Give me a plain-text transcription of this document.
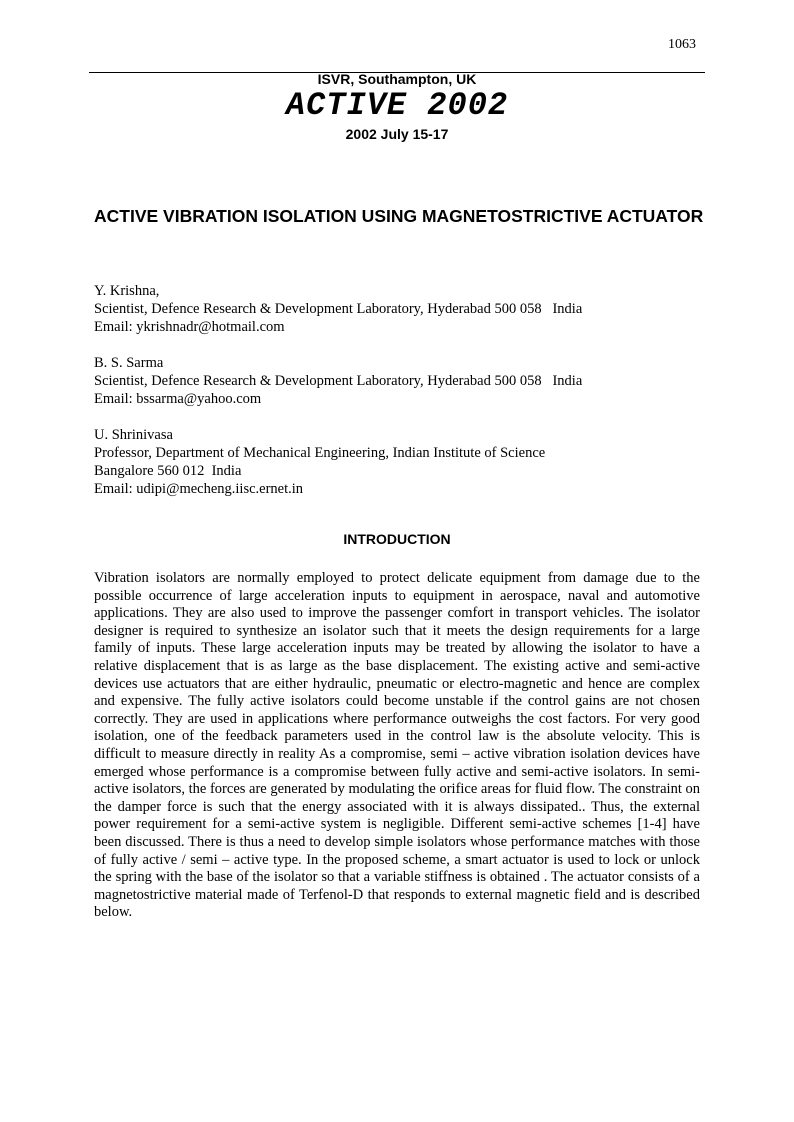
1063
ISVR, Southampton, UK
ACTIVE 2002
2002 July 15-17
ACTIVE VIBRATION ISOLATION USING MAGNETOSTRICTIVE ACTUATOR
Y. Krishna,
Scientist, Defence Research & Development Laboratory, Hyderabad 500 058   India
Email: ykrishnadr@hotmail.com
B. S. Sarma
Scientist, Defence Research & Development Laboratory, Hyderabad 500 058   India
Email: bssarma@yahoo.com
U. Shrinivasa
Professor, Department of Mechanical Engineering, Indian Institute of Science
Bangalore 560 012  India
Email: udipi@mecheng.iisc.ernet.in
INTRODUCTION

Vibration isolators are normally employed to protect delicate equipment from damage due to the possible occurrence of large acceleration inputs to equipment in aerospace, naval and automotive applications. They are also used to improve the passenger comfort in transport vehicles. The isolator designer is required to synthesize an isolator such that it meets the design requirements for a large family of inputs. These large acceleration inputs may be treated by allowing the isolator to have a relative displacement that is as large as the base displacement. The existing active and semi-active devices use actuators that are either hydraulic, pneumatic or electro-magnetic and hence are complex and expensive. The fully active isolators could become unstable if the control gains are not chosen correctly. They are used in applications where performance outweighs the cost factors. For very good isolation, one of the feedback parameters used in the control law is the absolute velocity. This is difficult to measure directly in reality As a compromise, semi – active vibration isolation devices have emerged whose performance is a compromise between fully active and semi-active isolators. In semi-active isolators, the forces are generated by modulating the orifice areas for fluid flow. The constraint on the damper force is such that the energy associated with it is always dissipated.. Thus, the external power requirement for a semi-active system is negligible. Different semi-active schemes [1-4] have been discussed. There is thus a need to develop simple isolators whose performance matches with those of fully active / semi – active type. In the proposed scheme, a smart actuator is used to lock or unlock the spring with the base of the isolator so that a variable stiffness is obtained . The actuator consists of a magnetostrictive material made of Terfenol-D that responds to external magnetic field and is described below.
